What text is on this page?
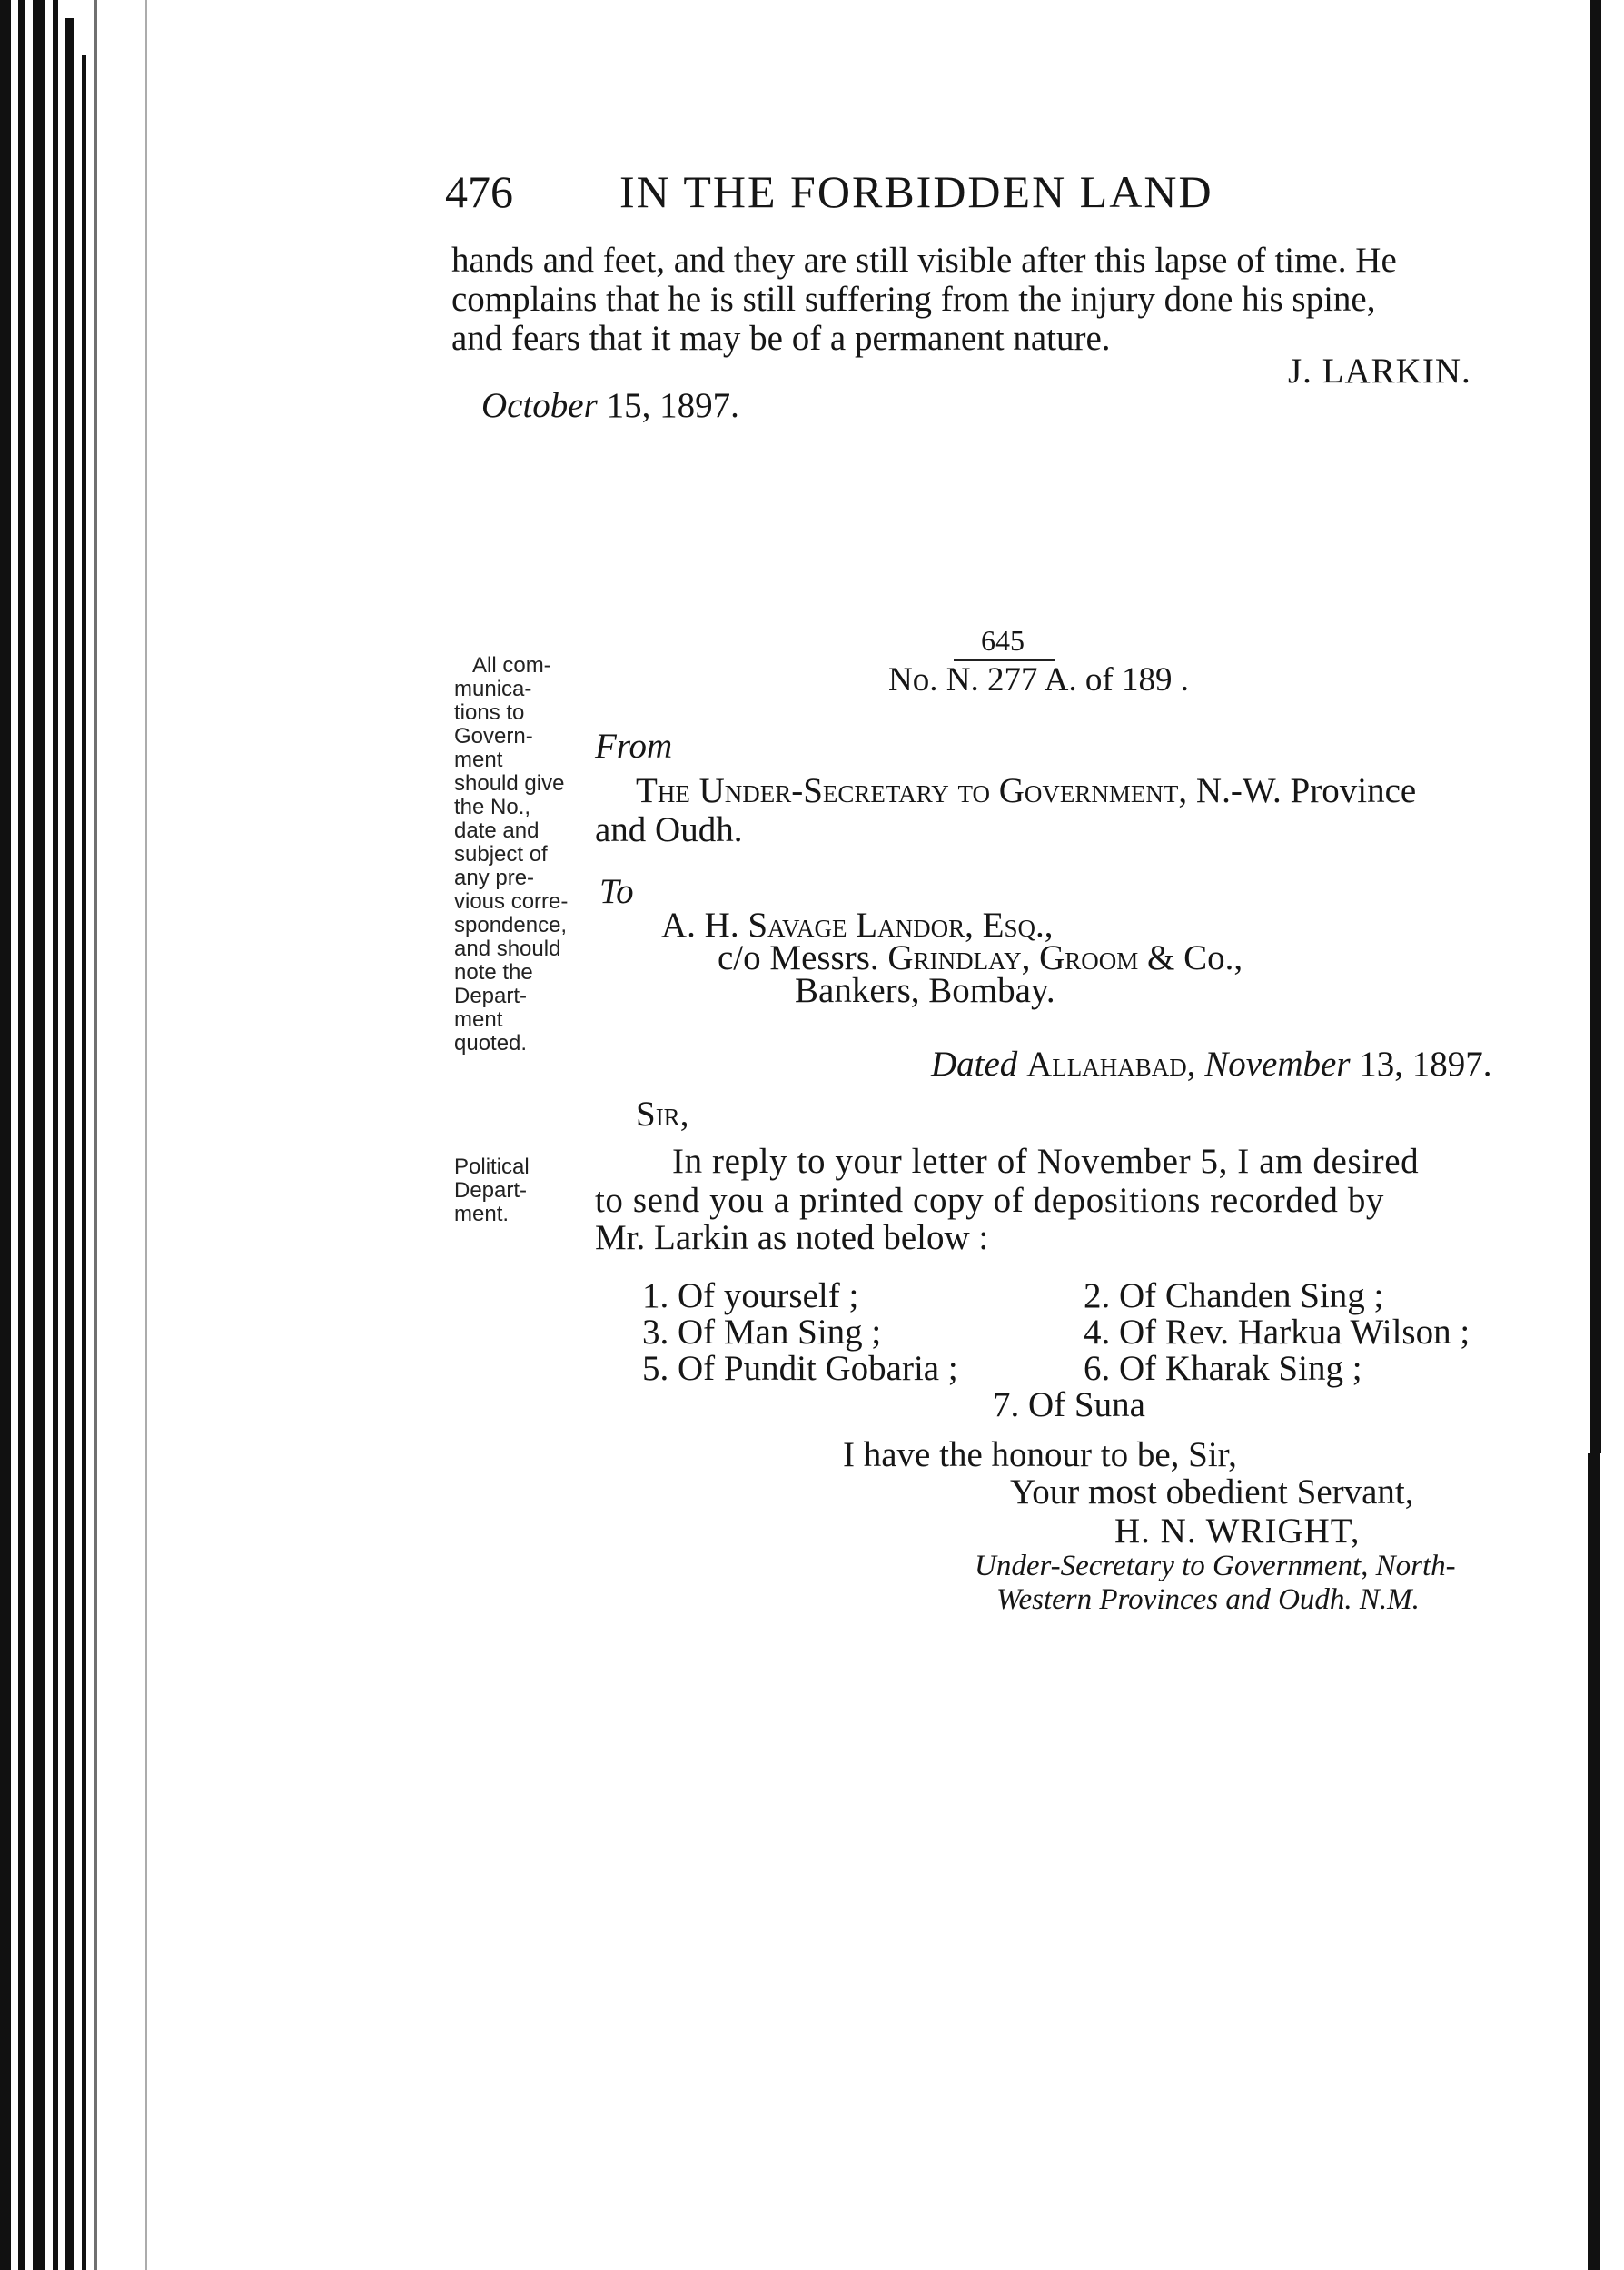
476 IN THE FORBIDDEN LAND

hands and feet, and they are still visible after this lapse of time. He

complains that he is still suffering from the injury done his spine,

and fears that it may be of a permanent nature.

J. LARKIN.

October 15, 1897.

All com-
munica-
tions to
Govern-
ment
should give
the No.,
date and
subject of
any pre-
vious corre-
spondence,
and should
note the
Depart-
ment
quoted.
Political
Depart-
ment.
645

No. N. 277 A. of 189 .

From

The Under-Secretary to Government, N.-W. Province

and Oudh.

To

A. H. Savage Landor, Esq.,

c/o Messrs. Grindlay, Groom & Co.,

Bankers, Bombay.

Dated Allahabad, November 13, 1897.

Sir,

In reply to your letter of November 5, I am desired

to send you a printed copy of depositions recorded by

Mr. Larkin as noted below :

1. Of yourself ;	2. Of Chanden Sing ;
3. Of Man Sing ;	4. Of Rev. Harkua Wilson ;
5. Of Pundit Gobaria ;	6. Of Kharak Sing ;
7. Of Suna

I have the honour to be, Sir,

Your most obedient Servant,

H. N. WRIGHT,

Under-Secretary to Government, North-

Western Provinces and Oudh. N.M.
